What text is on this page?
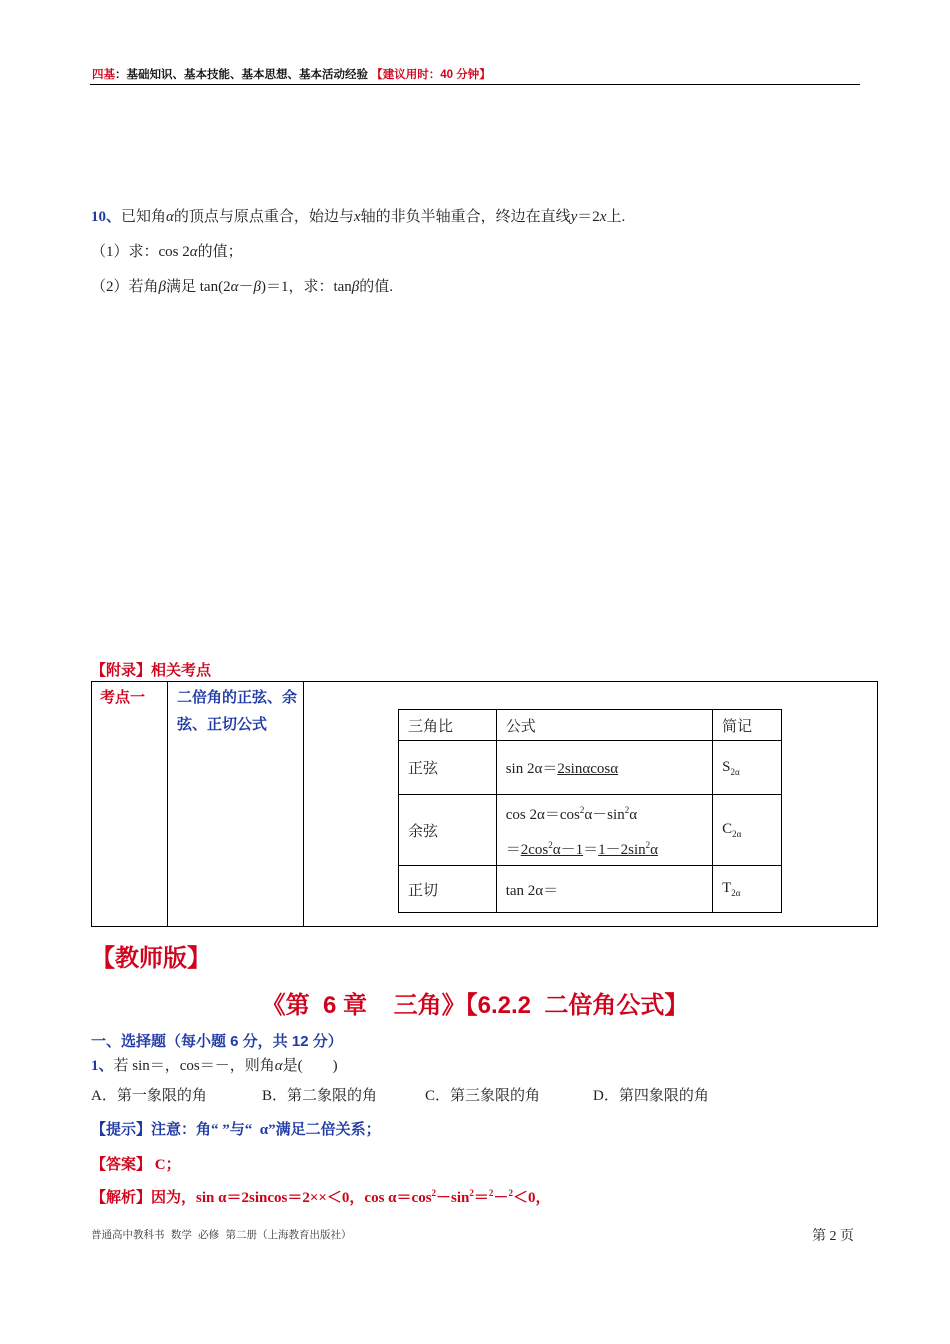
四基：基础知识、基本技能、基本思想、基本活动经验 【建议用时：40 分钟】
10、已知角α的顶点与原点重合，始边与x轴的非负半轴重合，终边在直线y＝2x上.
（1）求：cos 2α的值；
（2）若角β满足 tan(2α－β)＝1，求：tanβ的值.
【附录】相关考点
考点一 二倍角的正弦、余弦、正切公式	三角比	公式	简记
正弦	sin 2α＝2sinαcosα	$S_{2\alpha}$
余弦	$\cos 2\alpha=\cos^2\alpha-\sin^2\alpha$
$=2\cos^2\alpha-1=1-2\sin^2\alpha$	$C_{2\alpha}$
正切	tan 2α＝	$T_{2\alpha}$
【教师版】
《第  6 章    三角》【6.2.2  二倍角公式】
一、选择题（每小题 6 分，共 12 分）
1、若 sin＝，cos＝－，则角α是(        )
A．第一象限的角	B．第二象限的角	C．第三象限的角	D．第四象限的角
【提示】注意：角“ ”与“  α”满足二倍关系；
【答案】 C；
【解析】因为，sin α＝2sincos＝2××＜0，$\cos \alpha=\cos^2-\sin^2=^2-^2<0$，
普通高中教科书 数学 必修 第二册（上海教育出版社）	第 2 页
